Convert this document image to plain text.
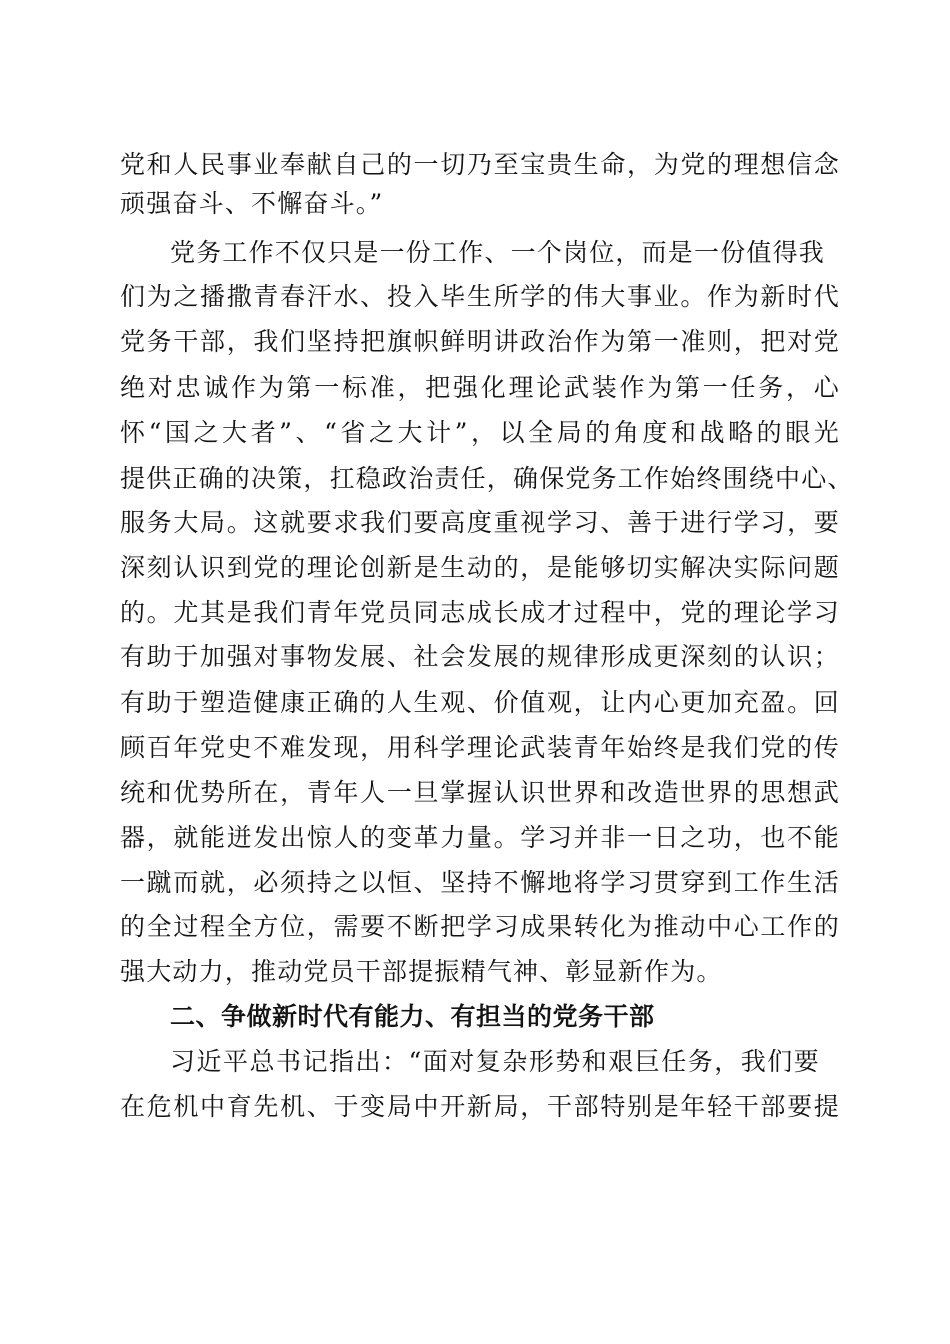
党和人民事业奉献自己的一切乃至宝贵生命，为党的理想信念
顽强奋斗、不懈奋斗。”
党务工作不仅只是一份工作、一个岗位，而是一份值得我
们为之播撒青春汗水、投入毕生所学的伟大事业。作为新时代
党务干部，我们坚持把旗帜鲜明讲政治作为第一准则，把对党
绝对忠诚作为第一标准，把强化理论武装作为第一任务，心
怀“国之大者”、“省之大计”，以全局的角度和战略的眼光
提供正确的决策，扛稳政治责任，确保党务工作始终围绕中心、
服务大局。这就要求我们要高度重视学习、善于进行学习，要
深刻认识到党的理论创新是生动的，是能够切实解决实际问题
的。尤其是我们青年党员同志成长成才过程中，党的理论学习
有助于加强对事物发展、社会发展的规律形成更深刻的认识；
有助于塑造健康正确的人生观、价值观，让内心更加充盈。回
顾百年党史不难发现，用科学理论武装青年始终是我们党的传
统和优势所在，青年人一旦掌握认识世界和改造世界的思想武
器，就能迸发出惊人的变革力量。学习并非一日之功，也不能
一蹴而就，必须持之以恒、坚持不懈地将学习贯穿到工作生活
的全过程全方位，需要不断把学习成果转化为推动中心工作的
强大动力，推动党员干部提振精气神、彰显新作为。
二、争做新时代有能力、有担当的党务干部
习近平总书记指出：“面对复杂形势和艰巨任务，我们要
在危机中育先机、于变局中开新局，干部特别是年轻干部要提
